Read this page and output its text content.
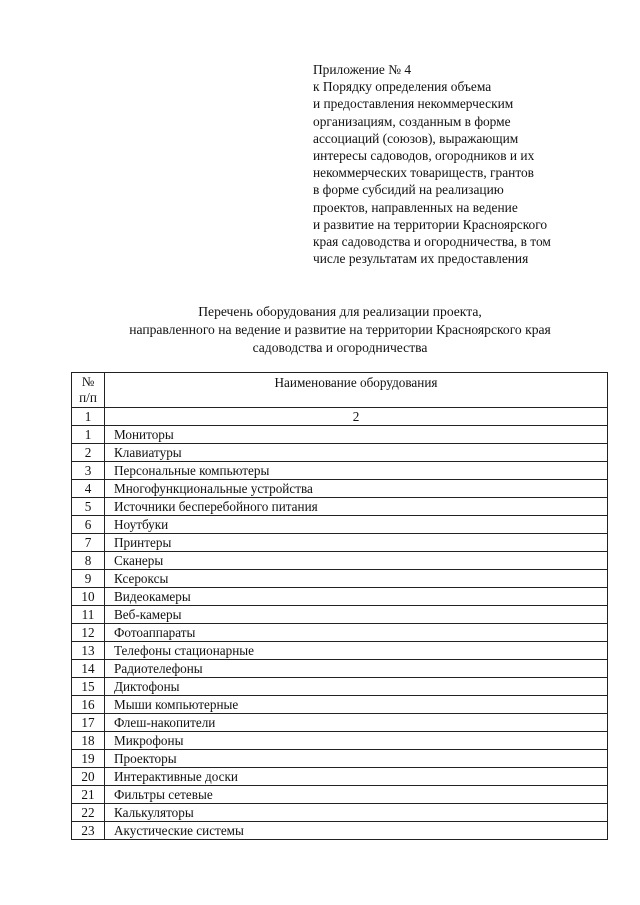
Приложение № 4
к Порядку определения объема
и предоставления некоммерческим
организациям, созданным в форме
ассоциаций (союзов), выражающим
интересы садоводов, огородников и их
некоммерческих товариществ, грантов
в форме субсидий на реализацию
проектов, направленных на ведение
и развитие на территории Красноярского
края садоводства и огородничества, в том
числе результатам их предоставления
Перечень оборудования для реализации проекта,
направленного на ведение и развитие на территории Красноярского края
садоводства и огородничества
№
п/п	Наименование оборудования
1	2
1	Мониторы
2	Клавиатуры
3	Персональные компьютеры
4	Многофункциональные устройства
5	Источники бесперебойного питания
6	Ноутбуки
7	Принтеры
8	Сканеры
9	Ксероксы
10	Видеокамеры
11	Веб-камеры
12	Фотоаппараты
13	Телефоны стационарные
14	Радиотелефоны
15	Диктофоны
16	Мыши компьютерные
17	Флеш-накопители
18	Микрофоны
19	Проекторы
20	Интерактивные доски
21	Фильтры сетевые
22	Калькуляторы
23	Акустические системы
